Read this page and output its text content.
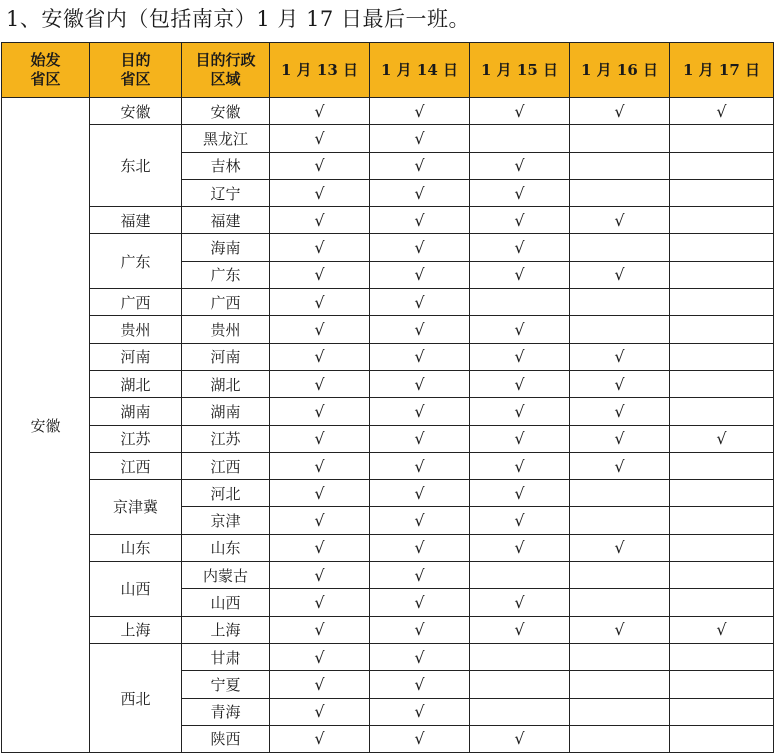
1、安徽省内（包括南京）1 月 17 日最后一班。
始发
省区	目的
省区	目的行政
区域	1 月 13 日	1 月 14 日	1 月 15 日	1 月 16 日	1 月 17 日
安徽	安徽	安徽	√	√	√	√	√
	东北	黑龙江	√	√			
		吉林	√	√	√		
		辽宁	√	√	√		
	福建	福建	√	√	√	√	
	广东	海南	√	√	√		
		广东	√	√	√	√	
	广西	广西	√	√			
	贵州	贵州	√	√	√		
	河南	河南	√	√	√	√	
	湖北	湖北	√	√	√	√	
	湖南	湖南	√	√	√	√	
	江苏	江苏	√	√	√	√	√
	江西	江西	√	√	√	√	
	京津冀	河北	√	√	√		
		京津	√	√	√		
	山东	山东	√	√	√	√	
	山西	内蒙古	√	√			
		山西	√	√	√		
	上海	上海	√	√	√	√	√
	西北	甘肃	√	√			
		宁夏	√	√			
		青海	√	√			
		陕西	√	√	√		
